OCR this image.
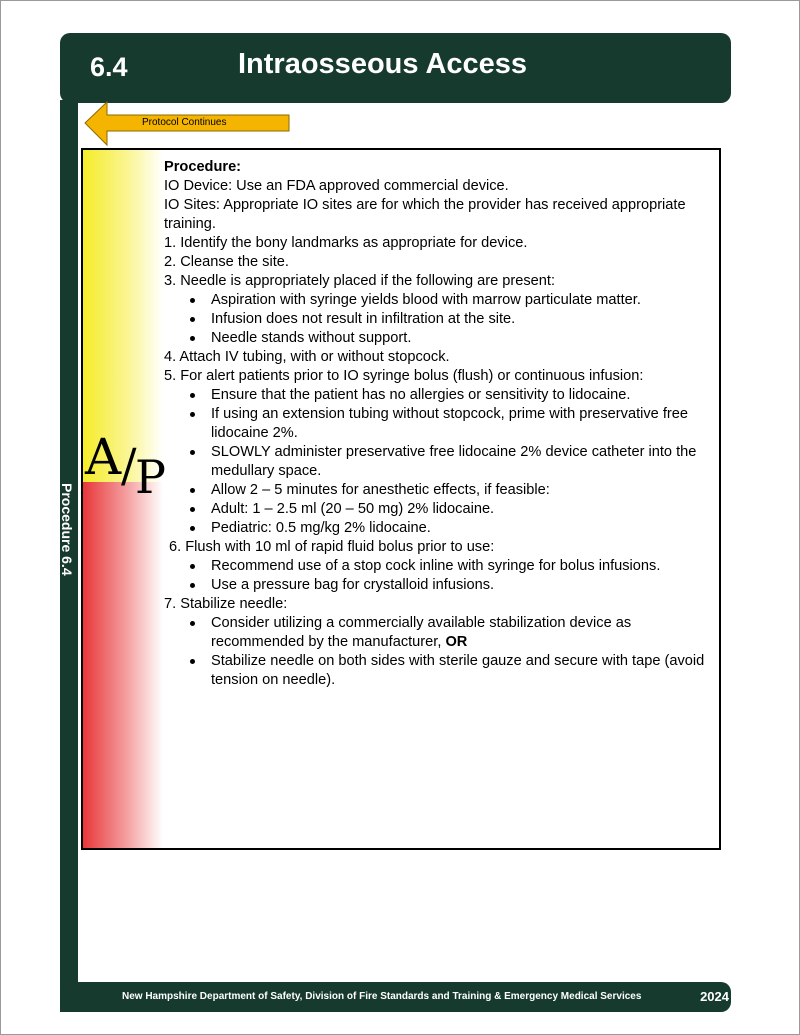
6.4	Intraosseous Access
Procedure 6.4
Protocol Continues
A /
P

Procedure:

IO Device: Use an FDA approved commercial device.

IO Sites: Appropriate IO sites are for which the provider has received appropriate training.

1. Identify the bony landmarks as appropriate for device.

2. Cleanse the site.

3. Needle is appropriately placed if the following are present:

Aspiration with syringe yields blood with marrow particulate matter.
Infusion does not result in infiltration at the site.
Needle stands without support.

4. Attach IV tubing, with or without stopcock.

5. For alert patients prior to IO syringe bolus (flush) or continuous infusion:

Ensure that the patient has no allergies or sensitivity to lidocaine.
If using an extension tubing without stopcock, prime with preservative free lidocaine 2%.
SLOWLY administer preservative free lidocaine 2% device catheter into the medullary space.
Allow 2 – 5 minutes for anesthetic effects, if feasible:
Adult: 1 – 2.5 ml (20 – 50 mg) 2% lidocaine.
Pediatric: 0.5 mg/kg 2% lidocaine.

6. Flush with 10 ml of rapid fluid bolus prior to use:

Recommend use of a stop cock inline with syringe for bolus infusions.
Use a pressure bag for crystalloid infusions.

7. Stabilize needle:

Consider utilizing a commercially available stabilization device as recommended by the manufacturer, OR
Stabilize needle on both sides with sterile gauze and secure with tape (avoid tension on needle).
New Hampshire Department of Safety, Division of Fire Standards and Training & Emergency Medical Services	2024
